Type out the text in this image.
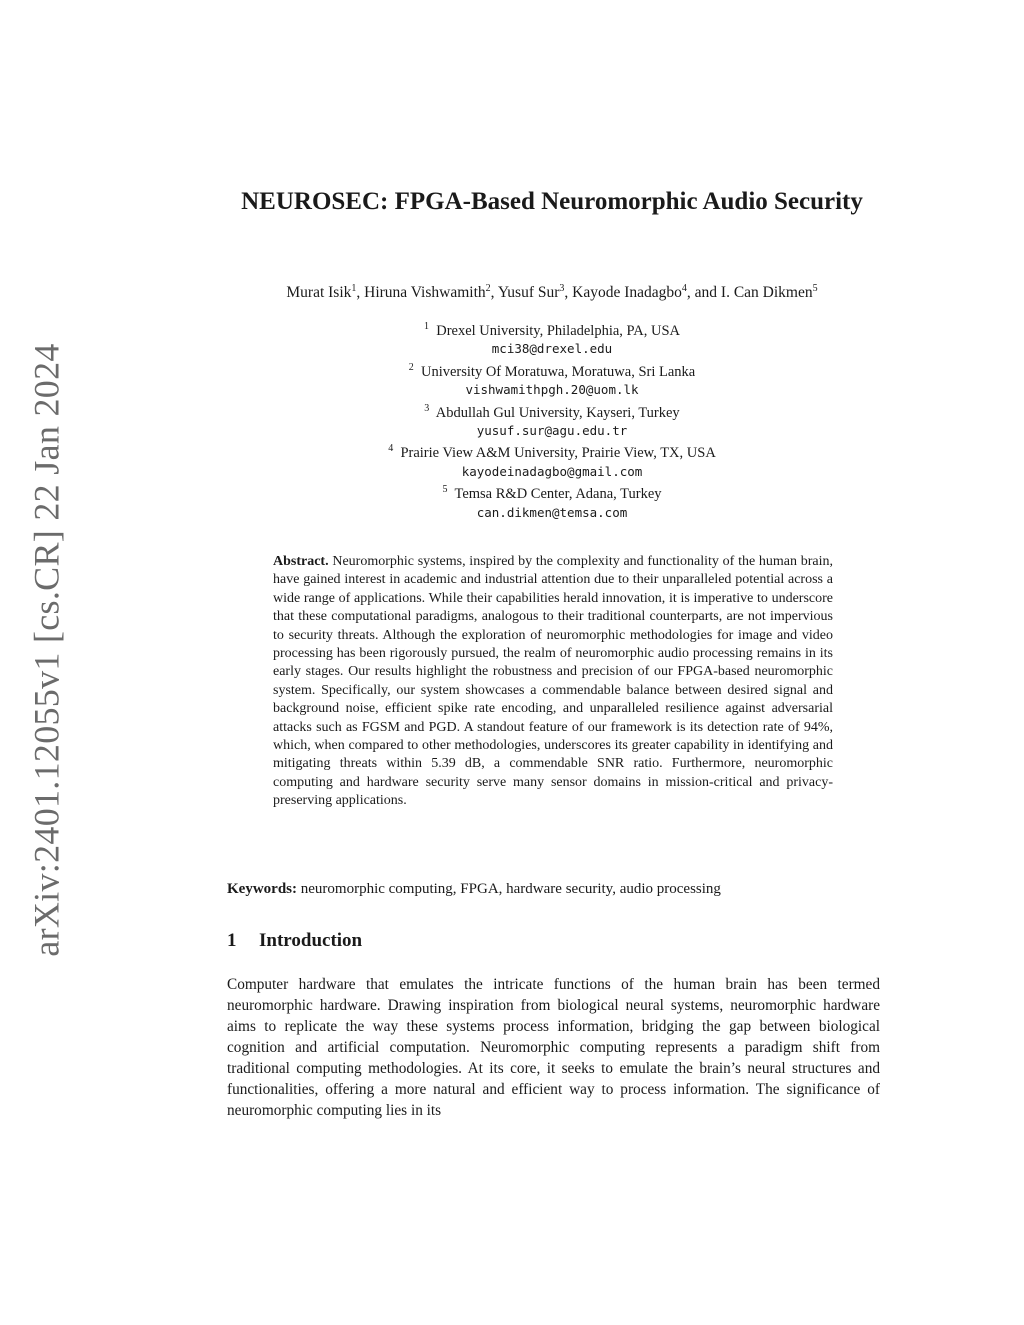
arXiv:2401.12055v1 [cs.CR] 22 Jan 2024
NEUROSEC: FPGA-Based Neuromorphic Audio Security
Murat Isik$^1$, Hiruna Vishwamith$^2$, Yusuf Sur$^3$, Kayode Inadagbo$^4$, and I. Can Dikmen$^5$
$^1$ Drexel University, Philadelphia, PA, USA
mci38@drexel.edu
$^2$ University Of Moratuwa, Moratuwa, Sri Lanka
vishwamithpgh.20@uom.lk
$^3$ Abdullah Gul University, Kayseri, Turkey
yusuf.sur@agu.edu.tr
$^4$ Prairie View A&M University, Prairie View, TX, USA
kayodeinadagbo@gmail.com
$^5$ Temsa R&D Center, Adana, Turkey
can.dikmen@temsa.com
Abstract. Neuromorphic systems, inspired by the complexity and functionality of the human brain, have gained interest in academic and industrial attention due to their unparalleled potential across a wide range of applications. While their capabilities herald innovation, it is imperative to underscore that these computational paradigms, analogous to their traditional counterparts, are not impervious to security threats. Although the exploration of neuromorphic methodologies for image and video processing has been rigorously pursued, the realm of neuromorphic audio processing remains in its early stages. Our results highlight the robustness and precision of our FPGA-based neuromorphic system. Specifically, our system showcases a commendable balance between desired signal and background noise, efficient spike rate encoding, and unparalleled resilience against adversarial attacks such as FGSM and PGD. A standout feature of our framework is its detection rate of 94%, which, when compared to other methodologies, underscores its greater capability in identifying and mitigating threats within 5.39 dB, a commendable SNR ratio. Furthermore, neuromorphic computing and hardware security serve many sensor domains in mission-critical and privacy-preserving applications.
Keywords: neuromorphic computing, FPGA, hardware security, audio processing
1 Introduction
Computer hardware that emulates the intricate functions of the human brain has been termed neuromorphic hardware. Drawing inspiration from biological neural systems, neuromorphic hardware aims to replicate the way these systems process information, bridging the gap between biological cognition and artificial computation. Neuromorphic computing represents a paradigm shift from traditional computing methodologies. At its core, it seeks to emulate the brain’s neural structures and functionalities, offering a more natural and efficient way to process information. The significance of neuromorphic computing lies in its
